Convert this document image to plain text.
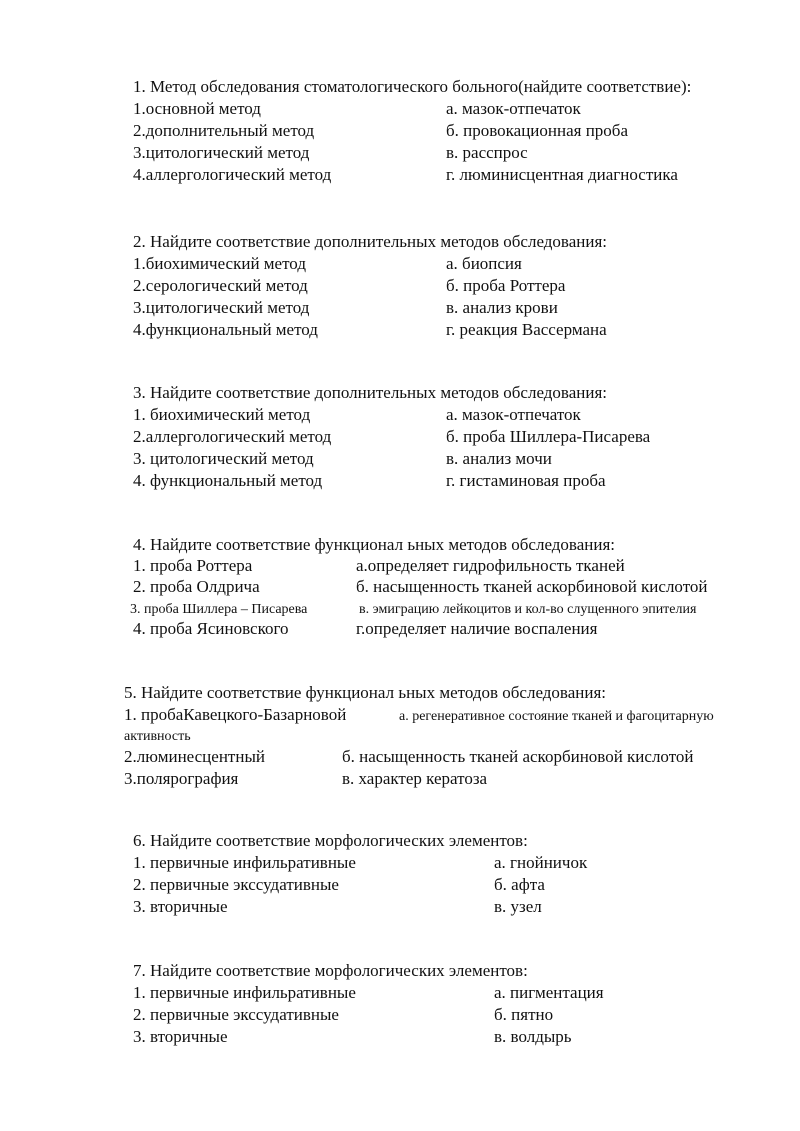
1. Метод обследования стоматологического больного(найдите соответствие):
1.основной метод	а. мазок-отпечаток
2.дополнительный метод	б. провокационная проба
3.цитологический метод	в. расспрос
4.аллергологический метод	г. люминисцентная диагностика
2. Найдите соответствие дополнительных методов обследования:
1.биохимический метод	а. биопсия
2.серологический метод	б. проба Роттера
3.цитологический метод	в. анализ крови
4.функциональный метод	г. реакция Вассермана
3. Найдите соответствие дополнительных методов обследования:
1. биохимический метод	а. мазок-отпечаток
2.аллергологический метод	б. проба Шиллера-Писарева
3. цитологический метод	в. анализ мочи
4. функциональный метод	г. гистаминовая проба
4. Найдите соответствие функционал ьных методов обследования:
1. проба Роттера	а.определяет гидрофильность тканей
2. проба Олдрича	б. насыщенность тканей аскорбиновой кислотой
3. проба Шиллера – Писарева	в. эмиграцию лейкоцитов и кол-во слущенного эпителия
4. проба Ясиновского	г.определяет наличие воспаления
5. Найдите соответствие функционал ьных методов обследования:
1. пробаКавецкого-Базарновой	а. регенеративное состояние тканей и фагоцитарную
активность
2.люминесцентный	б. насыщенность тканей аскорбиновой кислотой
3.полярография	в. характер кератоза
6. Найдите соответствие морфологических элементов:
1. первичные инфильративные	а. гнойничок
2. первичные экссудативные	б. афта
3. вторичные	в. узел
7. Найдите соответствие морфологических элементов:
1. первичные инфильративные	а. пигментация
2. первичные экссудативные	б. пятно
3. вторичные	в. волдырь
